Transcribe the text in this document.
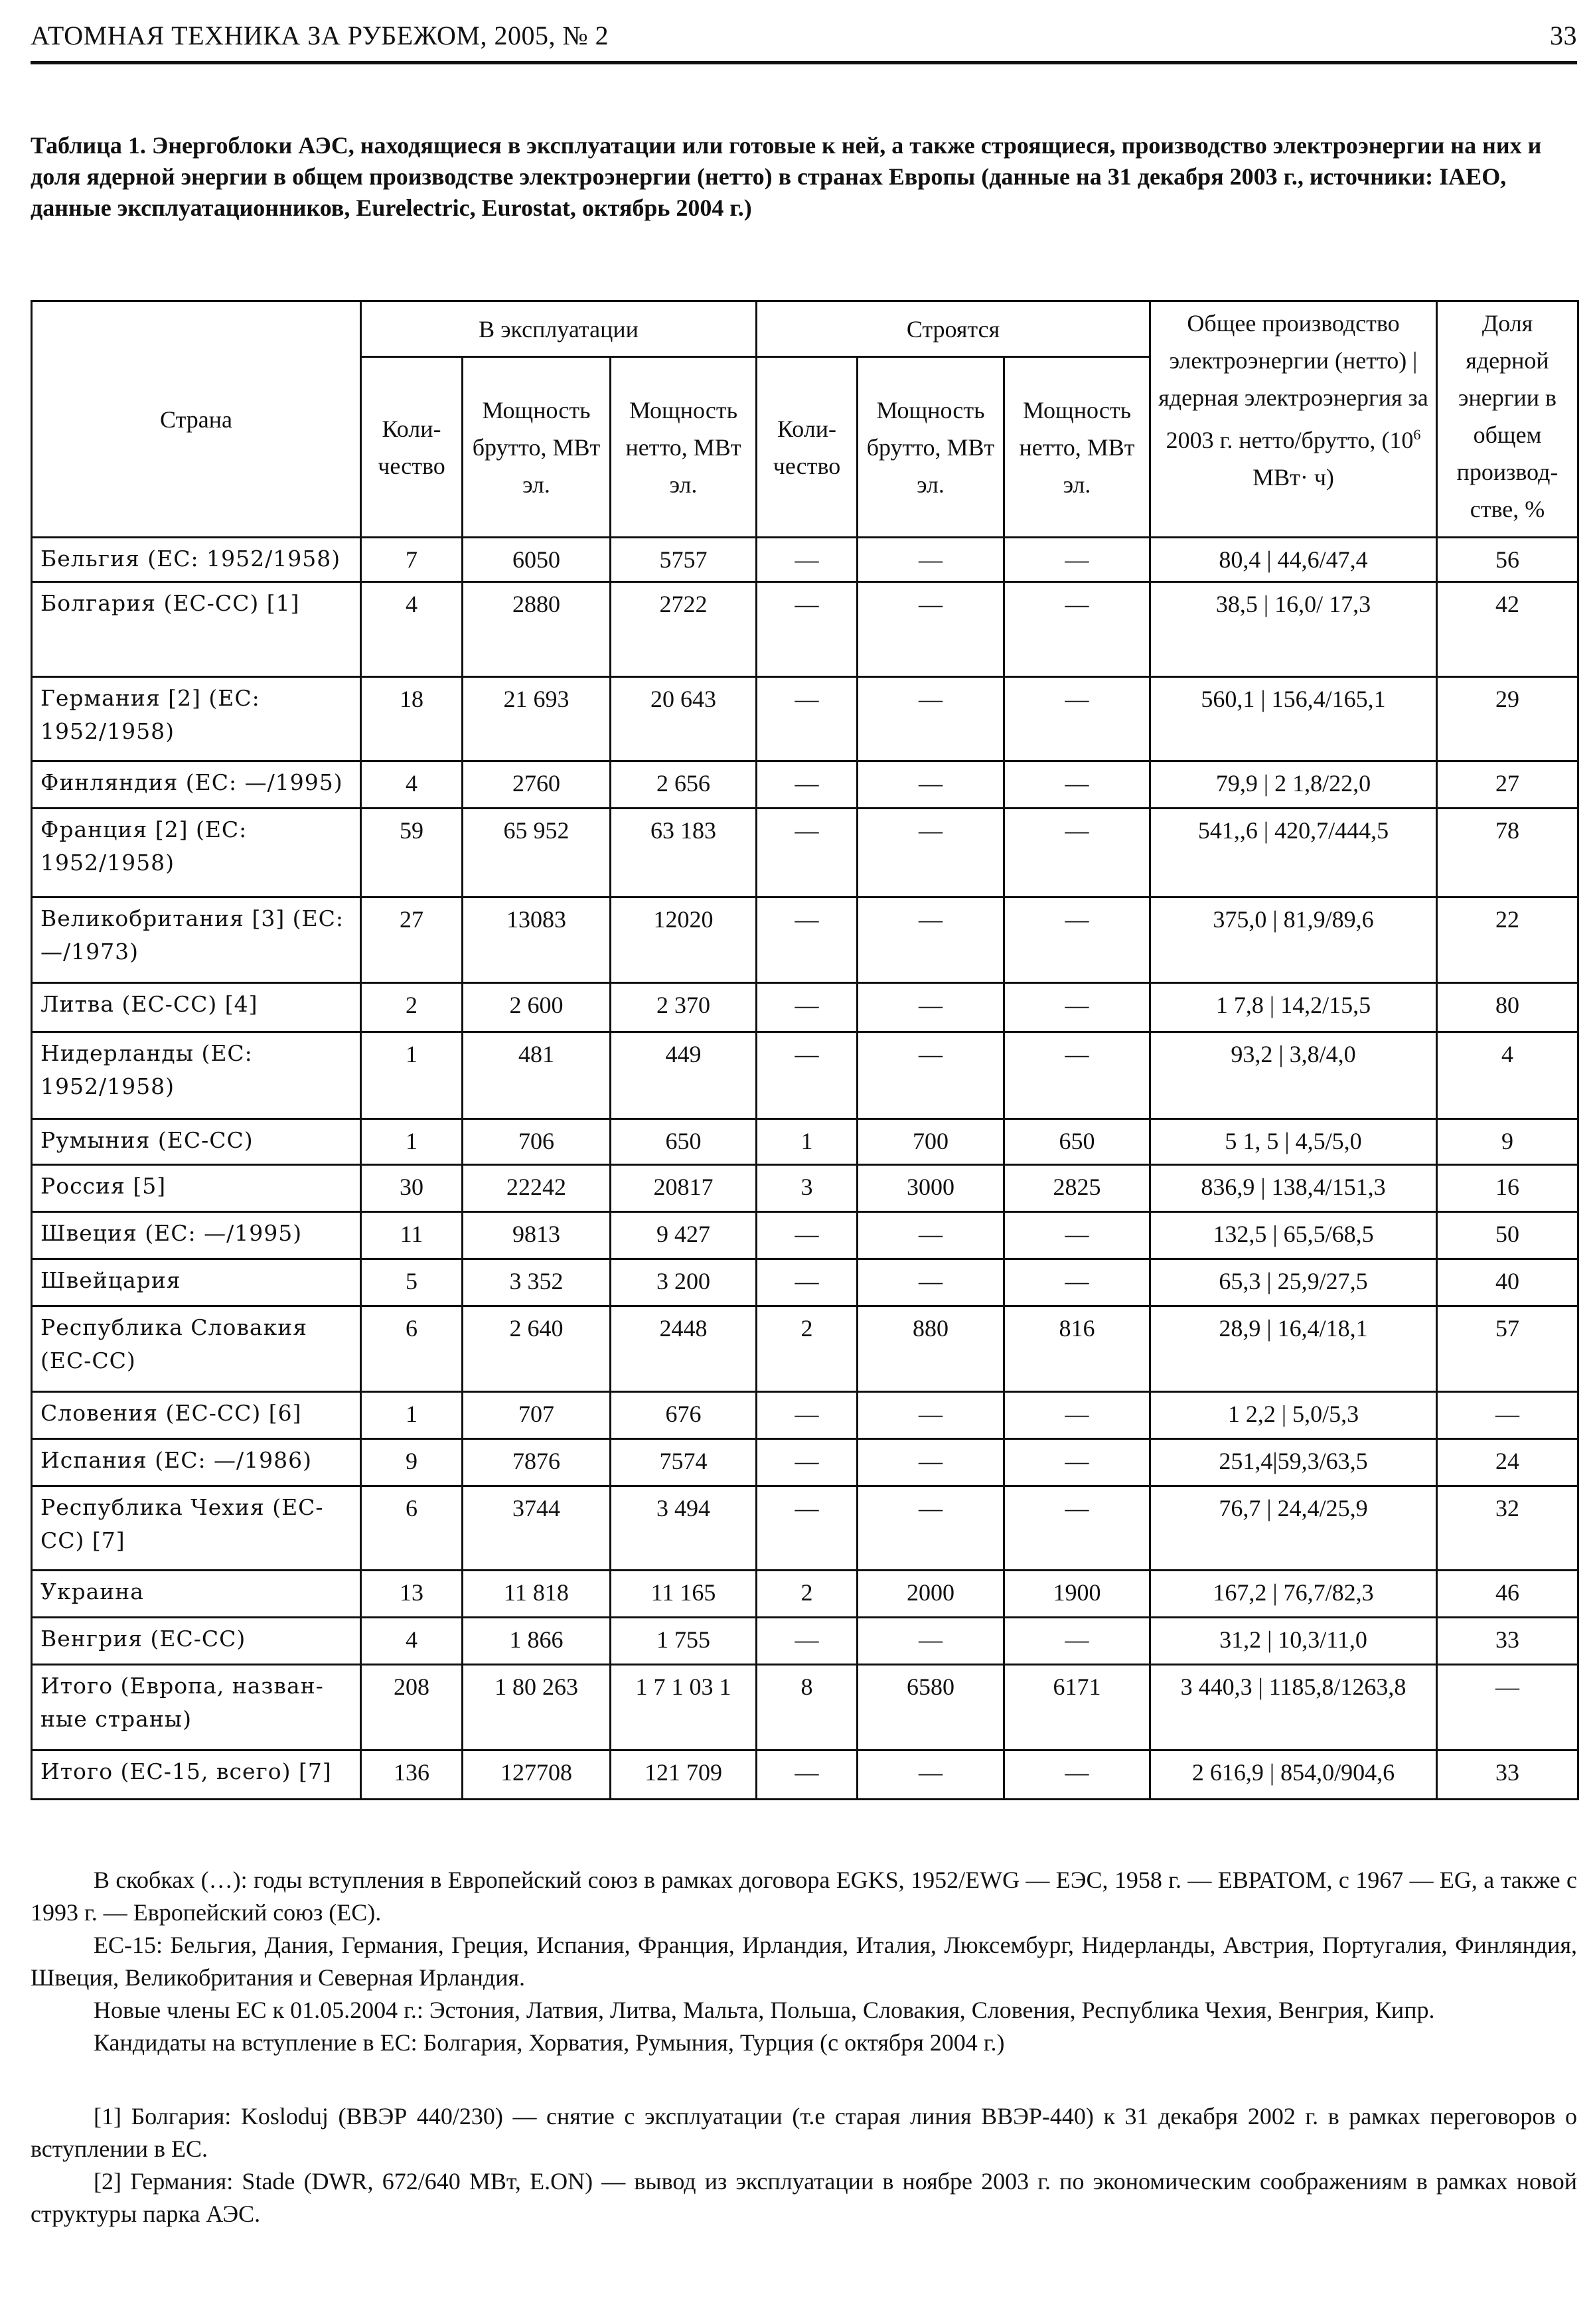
АТОМНАЯ ТЕХНИКА ЗА РУБЕЖОМ, 2005, № 2	33
Таблица 1. Энергоблоки АЭС, находящиеся в эксплуатации или готовые к ней, а также строящиеся, производство электроэнергии на них и доля ядерной энергии в общем производстве электроэнергии (нетто) в странах Европы (данные на 31 декабря 2003 г., источники: IAEO, данные эксплуатационников, Eurelectric, Eurostat, октябрь 2004 г.)
Страна	В эксплуатации			Строятся			Общее производство электроэнергии (нетто) | ядерная электроэнергия за 2003 г. нетто/брутто, ($10^6$ МВт· ч)	Доля ядерной энергии в общем производ-стве, %
	Коли-чество	Мощность брутто, МВт эл.	Мощность нетто, МВт эл.	Коли-чество	Мощность брутто, МВт эл.	Мощность нетто, МВт эл.		
Бельгия (ЕС: 1952/1958)	7	6050	5757	—	—	—	80,4 | 44,6/47,4	56
Болгария (ЕС-СС) [1]	4	2880	2722	—	—	—	38,5 | 16,0/ 17,3	42
Германия [2] (ЕС: 1952/1958)	18	21 693	20 643	—	—	—	560,1 | 156,4/165,1	29
Финляндия (ЕС: —/1995)	4	2760	2 656	—	—	—	79,9 | 2 1,8/22,0	27
Франция [2] (ЕС: 1952/1958)	59	65 952	63 183	—	—	—	541,,6 | 420,7/444,5	78
Великобритания [3] (ЕС: —/1973)	27	13083	12020	—	—	—	375,0 | 81,9/89,6	22
Литва (ЕС-СС) [4]	2	2 600	2 370	—	—	—	1 7,8 | 14,2/15,5	80
Нидерланды (ЕС: 1952/1958)	1	481	449	—	—	—	93,2 | 3,8/4,0	4
Румыния (ЕС-СС)	1	706	650	1	700	650	5 1, 5 | 4,5/5,0	9
Россия [5]	30	22242	20817	3	3000	2825	836,9 | 138,4/151,3	16
Швеция (ЕС: —/1995)	11	9813	9 427	—	—	—	132,5 | 65,5/68,5	50
Швейцария	5	3 352	3 200	—	—	—	65,3 | 25,9/27,5	40
Республика Словакия (ЕС-СС)	6	2 640	2448	2	880	816	28,9 | 16,4/18,1	57
Словения (ЕС-СС) [6]	1	707	676	—	—	—	1 2,2 | 5,0/5,3	—
Испания (ЕС: —/1986)	9	7876	7574	—	—	—	251,4|59,3/63,5	24
Республика Чехия (ЕС-СС) [7]	6	3744	3 494	—	—	—	76,7 | 24,4/25,9	32
Украина	13	11 818	11 165	2	2000	1900	167,2 | 76,7/82,3	46
Венгрия (ЕС-СС)	4	1 866	1 755	—	—	—	31,2 | 10,3/11,0	33
Итого (Европа, назван-ные страны)	208	1 80 263	1 7 1 03 1	8	6580	6171	3 440,3 | 1185,8/1263,8	—
Итого (ЕС-15, всего) [7]	136	127708	121 709	—	—	—	2 616,9 | 854,0/904,6	33

В скобках (…): годы вступления в Европейский союз в рамках договора EGKS, 1952/EWG — ЕЭС, 1958 г. — ЕВРАТОМ, с 1967 — EG, а также с 1993 г. — Европейский союз (ЕС).

ЕС-15: Бельгия, Дания, Германия, Греция, Испания, Франция, Ирландия, Италия, Люксембург, Нидерланды, Австрия, Португалия, Финляндия, Швеция, Великобритания и Северная Ирландия.

Новые члены ЕС к 01.05.2004 г.: Эстония, Латвия, Литва, Мальта, Польша, Словакия, Словения, Республика Чехия, Венгрия, Кипр.

Кандидаты на вступление в ЕС: Болгария, Хорватия, Румыния, Турция (с октября 2004 г.)

[1] Болгария: Kosloduj (ВВЭР 440/230) — снятие с эксплуатации (т.е старая линия ВВЭР-440) к 31 декабря 2002 г. в рамках переговоров о вступлении в ЕС.

[2] Германия: Stade (DWR, 672/640 МВт, E.ON) — вывод из эксплуатации в ноябре 2003 г. по экономическим соображениям в рамках новой структуры парка АЭС.
